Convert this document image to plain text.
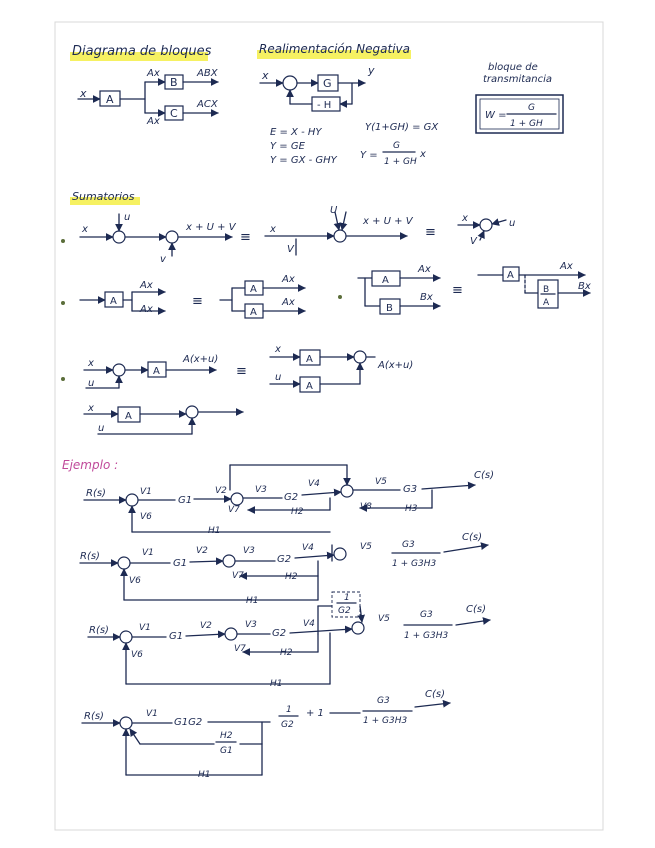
Diagrama de bloques
x A
Ax
Ax
B
C
ABX
ACX
Realimentación Negativa
x
G
y
- H
E = X - HY
Y = GE
Y = GX - GHY
Y(1+GH) = GX
Y =
G
1 + GH
x
bloque de
transmitancia
W =
G
1 + GH
Sumatorios
x
u
v
x + U + V
≡
x
U
V
x + U + V
≡
x	u
V
A
Ax
Ax
≡
A
A
Ax
Ax
A
B
Ax
Bx ≡
A
Ax
B
A
Bx
x
u
A
A(x+u)
≡
x
A
u
A
A(x+u)
x
A
u
Ejemplo :
R(s)	V1
G1
V2	V3
G2
V4	V5
G3
C(s)
V6
V7	V8
H2	H3
H1
R(s)	V1
G1
V2	V3
G2
V4	V5	G3
1 + G3H3
C(s)
V6	V7	H2
H1
R(s)	V1
G1
V2	V3
G2
V4
1
G2
V5	G3
1 + G3H3
C(s)
V6
V7	H2
H1
R(s)	V1
G1G2
1
G2
+ 1
G3
1 + G3H3
C(s)
H2
G1
H1
